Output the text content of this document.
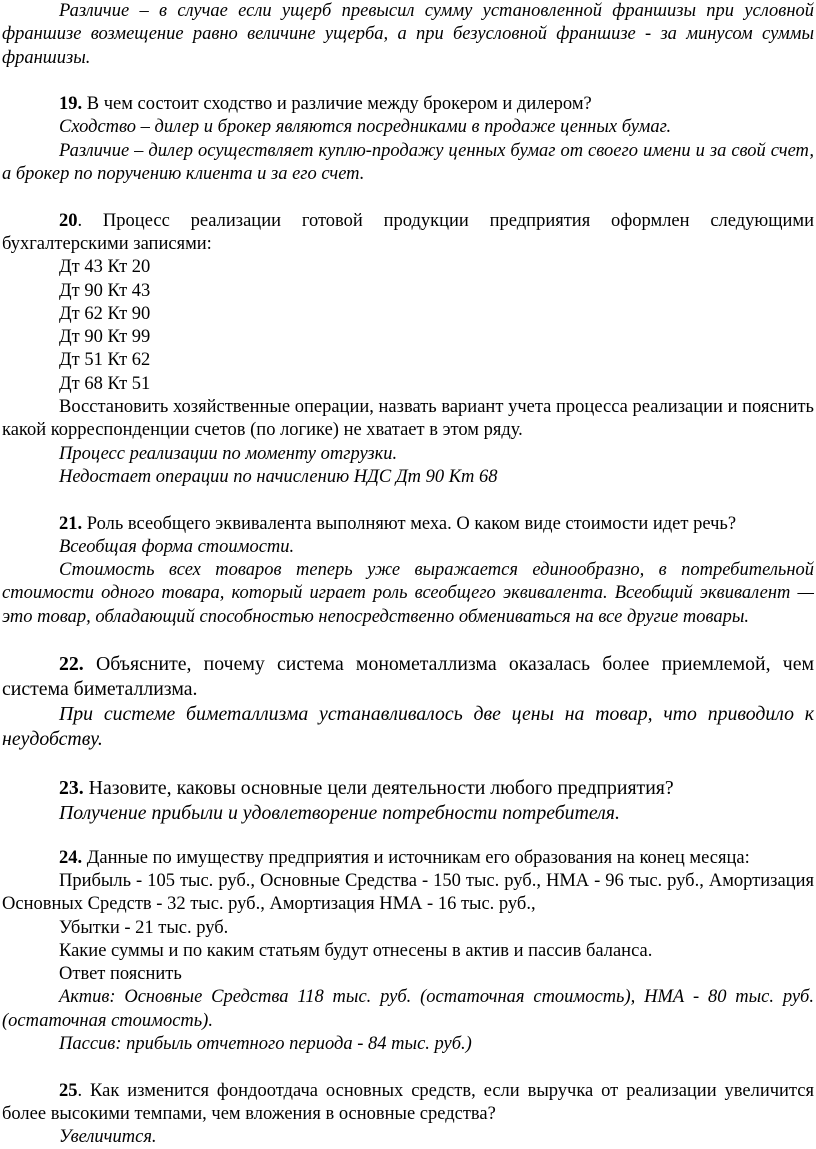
Различие – в случае если ущерб превысил сумму установленной франшизы при условной франшизе возмещение равно величине ущерба, а при безусловной франшизе - за минусом суммы франшизы.

19. В чем состоит сходство и различие между брокером и дилером?

Сходство – дилер и брокер являются посредниками в продаже ценных бумаг.

Различие – дилер осуществляет куплю-продажу ценных бумаг от своего имени и за свой счет, а брокер по поручению клиента и за его счет.

20. Процесс реализации готовой продукции предприятия оформлен следующими бухгалтерскими записями:

Дт 43 Кт 20

Дт 90 Кт 43

Дт 62 Кт 90

Дт 90 Кт 99

Дт 51 Кт 62

Дт 68 Кт 51

Восстановить хозяйственные операции, назвать вариант учета процесса реализации и пояснить какой корреспонденции счетов (по логике) не хватает в этом ряду.

Процесс реализации по моменту отгрузки.

Недостает операции по начислению НДС Дт 90 Кт 68

21. Роль всеобщего эквивалента выполняют меха. О каком виде стоимости идет речь?

Всеобщая форма стоимости.

Стоимость всех товаров теперь уже выражается единообразно, в потребительной стоимости одного товара, который играет роль всеобщего эквивалента. Всеобщий эквивалент — это товар, обладающий способностью непосредственно обмениваться на все другие товары.

22. Объясните, почему система монометаллизма оказалась более приемлемой, чем система биметаллизма.

При системе биметаллизма устанавливалось две цены на товар, что приводило к неудобству.

23. Назовите, каковы основные цели деятельности любого предприятия?

Получение прибыли и удовлетворение потребности потребителя.

24. Данные по имуществу предприятия и источникам его образования на конец месяца:

Прибыль - 105 тыс. руб., Основные Средства - 150 тыс. руб., НМА - 96 тыс. руб., Амортизация Основных Средств - 32 тыс. руб., Амортизация НМА - 16 тыс. руб.,

Убытки - 21 тыс. руб.

Какие суммы и по каким статьям будут отнесены в актив и пассив баланса.

Ответ пояснить

Актив: Основные Средства 118 тыс. руб. (остаточная стоимость), НМА - 80 тыс. руб. (остаточная стоимость).

Пассив: прибыль отчетного периода - 84 тыс. руб.)

25. Как изменится фондоотдача основных средств, если выручка от реализации увеличится более высокими темпами, чем вложения в основные средства?

Увеличится.
